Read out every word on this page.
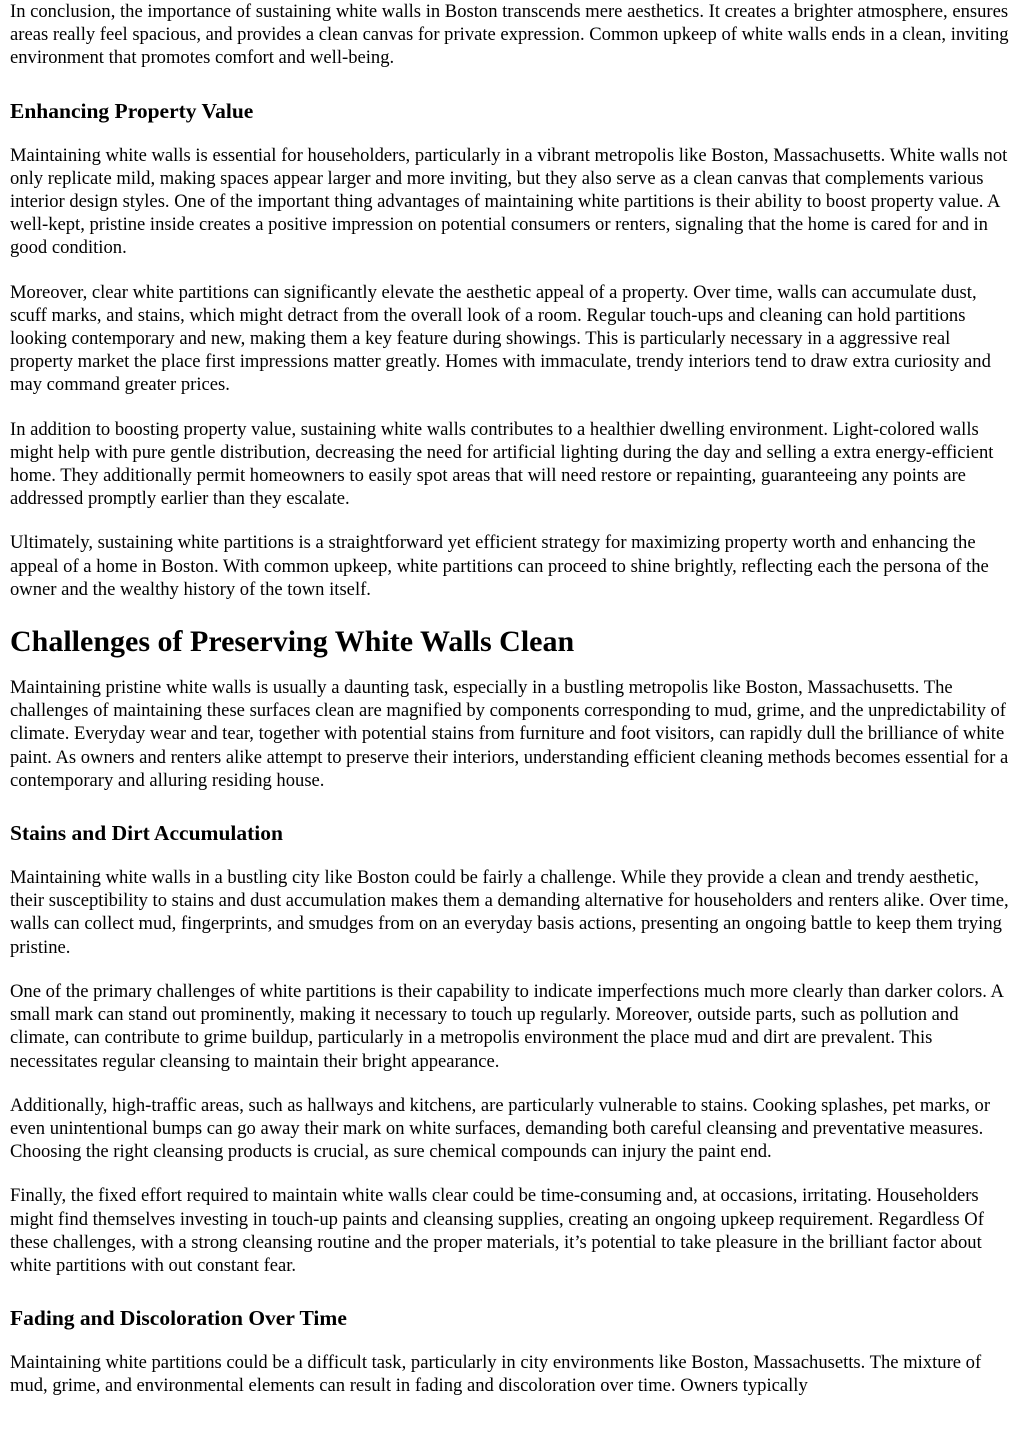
In conclusion, the importance of sustaining white walls in Boston transcends mere aesthetics. It creates a brighter atmosphere, ensures areas really feel spacious, and provides a clean canvas for private expression. Common upkeep of white walls ends in a clean, inviting environment that promotes comfort and well-being.

Enhancing Property Value

Maintaining white walls is essential for householders, particularly in a vibrant metropolis like Boston, Massachusetts. White walls not only replicate mild, making spaces appear larger and more inviting, but they also serve as a clean canvas that complements various interior design styles. One of the important thing advantages of maintaining white partitions is their ability to boost property value. A well-kept, pristine inside creates a positive impression on potential consumers or renters, signaling that the home is cared for and in good condition.

Moreover, clear white partitions can significantly elevate the aesthetic appeal of a property. Over time, walls can accumulate dust, scuff marks, and stains, which might detract from the overall look of a room. Regular touch-ups and cleaning can hold partitions looking contemporary and new, making them a key feature during showings. This is particularly necessary in a aggressive real property market the place first impressions matter greatly. Homes with immaculate, trendy interiors tend to draw extra curiosity and may command greater prices.

In addition to boosting property value, sustaining white walls contributes to a healthier dwelling environment. Light-colored walls might help with pure gentle distribution, decreasing the need for artificial lighting during the day and selling a extra energy-efficient home. They additionally permit homeowners to easily spot areas that will need restore or repainting, guaranteeing any points are addressed promptly earlier than they escalate.

Ultimately, sustaining white partitions is a straightforward yet efficient strategy for maximizing property worth and enhancing the appeal of a home in Boston. With common upkeep, white partitions can proceed to shine brightly, reflecting each the persona of the owner and the wealthy history of the town itself.

Challenges of Preserving White Walls Clean

Maintaining pristine white walls is usually a daunting task, especially in a bustling metropolis like Boston, Massachusetts. The challenges of maintaining these surfaces clean are magnified by components corresponding to mud, grime, and the unpredictability of climate. Everyday wear and tear, together with potential stains from furniture and foot visitors, can rapidly dull the brilliance of white paint. As owners and renters alike attempt to preserve their interiors, understanding efficient cleaning methods becomes essential for a contemporary and alluring residing house.

Stains and Dirt Accumulation

Maintaining white walls in a bustling city like Boston could be fairly a challenge. While they provide a clean and trendy aesthetic, their susceptibility to stains and dust accumulation makes them a demanding alternative for householders and renters alike. Over time, walls can collect mud, fingerprints, and smudges from on an everyday basis actions, presenting an ongoing battle to keep them trying pristine.

One of the primary challenges of white partitions is their capability to indicate imperfections much more clearly than darker colors. A small mark can stand out prominently, making it necessary to touch up regularly. Moreover, outside parts, such as pollution and climate, can contribute to grime buildup, particularly in a metropolis environment the place mud and dirt are prevalent. This necessitates regular cleansing to maintain their bright appearance.

Additionally, high-traffic areas, such as hallways and kitchens, are particularly vulnerable to stains. Cooking splashes, pet marks, or even unintentional bumps can go away their mark on white surfaces, demanding both careful cleansing and preventative measures. Choosing the right cleansing products is crucial, as sure chemical compounds can injury the paint end.

Finally, the fixed effort required to maintain white walls clear could be time-consuming and, at occasions, irritating. Householders might find themselves investing in touch-up paints and cleansing supplies, creating an ongoing upkeep requirement. Regardless Of these challenges, with a strong cleansing routine and the proper materials, it’s potential to take pleasure in the brilliant factor about white partitions with out constant fear.

Fading and Discoloration Over Time

Maintaining white partitions could be a difficult task, particularly in city environments like Boston, Massachusetts. The mixture of mud, grime, and environmental elements can result in fading and discoloration over time. Owners typically
